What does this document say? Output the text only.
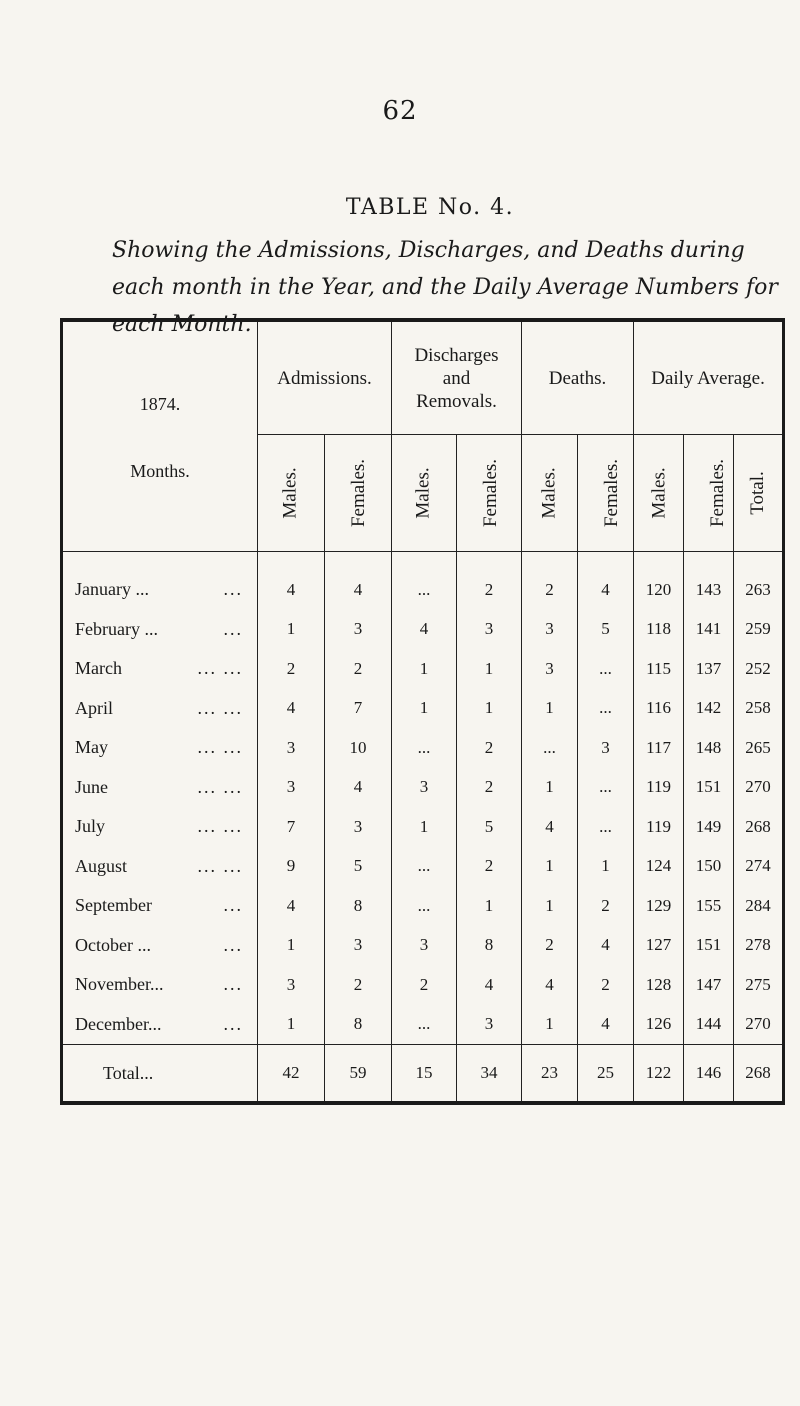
62
TABLE No. 4.
Showing the Admissions, Discharges, and Deaths during each month in the Year, and the Daily Average Numbers for each Month.
1874.
Months.	Admissions.		Discharges and Removals.		Deaths.		Daily Average.		
	Males.	Females.	Males.	Females.	Males.	Females.	Males.	Females.	Total.

January ... ...	4	4	...	2	2	4	120	143	263
February ... ...	1	3	4	3	3	5	118	141	259
March ... ...	2	2	1	1	3	...	115	137	252
April ... ...	4	7	1	1	1	...	116	142	258
May ... ...	3	10	...	2	...	3	117	148	265
June ... ...	3	4	3	2	1	...	119	151	270
July ... ...	7	3	1	5	4	...	119	149	268
August ... ...	9	5	...	2	1	1	124	150	274
September ...	4	8	...	1	1	2	129	155	284
October ... ...	1	3	3	8	2	4	127	151	278
November... ...	3	2	2	4	4	2	128	147	275
December... ...	1	8	...	3	1	4	126	144	270
Total...	42	59	15	34	23	25	122	146	268
